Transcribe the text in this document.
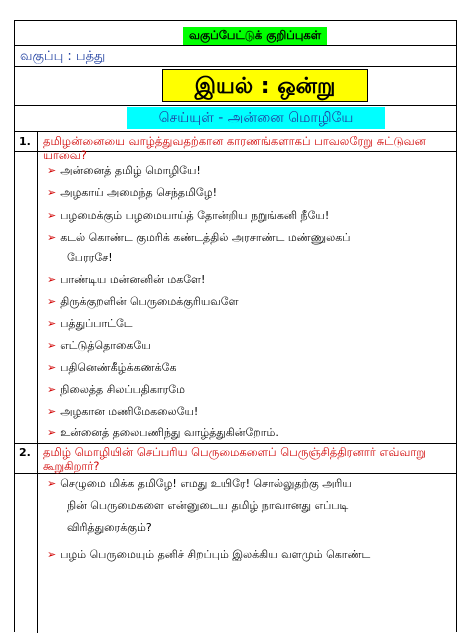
வகுப்பேட்டுக் குறிப்புகள்
வகுப்பு : பத்து
இயல் : ஒன்று
செய்யுள் - அன்னை மொழியே
1. தமிழன்னையை வாழ்த்துவதற்கான காரணங்களாகப் பாவலரேறு சுட்டுவன யாவை?
➢ அன்னைத் தமிழ் மொழியே!
➢ அழகாய் அமைந்த செந்தமிழே!
➢ பழமைக்கும் பழமையாய்த் தோன்றிய நறுங்கனி நீயே!
➢ கடல் கொண்ட குமரிக் கண்டத்தில் அரசாண்ட மண்ணுலகப்
பேரரசே!
➢ பாண்டிய மன்னனின் மகளே!
➢ திருக்குறளின் பெருமைக்குரியவளே
➢ பத்துப்பாட்டே
➢ எட்டுத்தொகையே
➢ பதினெண்கீழ்க்கணக்கே
➢ நிலைத்த சிலப்பதிகாரமே
➢ அழகான மணிமேகலையே!
➢ உன்னைத் தலைபணிந்து வாழ்த்துகின்றோம்.
2. தமிழ் மொழியின் செப்பரிய பெருமைகளைப் பெருஞ்சித்திரனார் எவ்வாறு கூறுகிறார்?
➢ செழுமை மிக்க தமிழே! எமது உயிரே! சொல்லுதற்கு அரிய
நின் பெருமைகளை என்னுடைய தமிழ் நாவானது எப்படி
விரித்துரைக்கும்?
➢ பழம் பெருமையும் தனிச் சிறப்பும் இலக்கிய வளமும் கொண்ட
